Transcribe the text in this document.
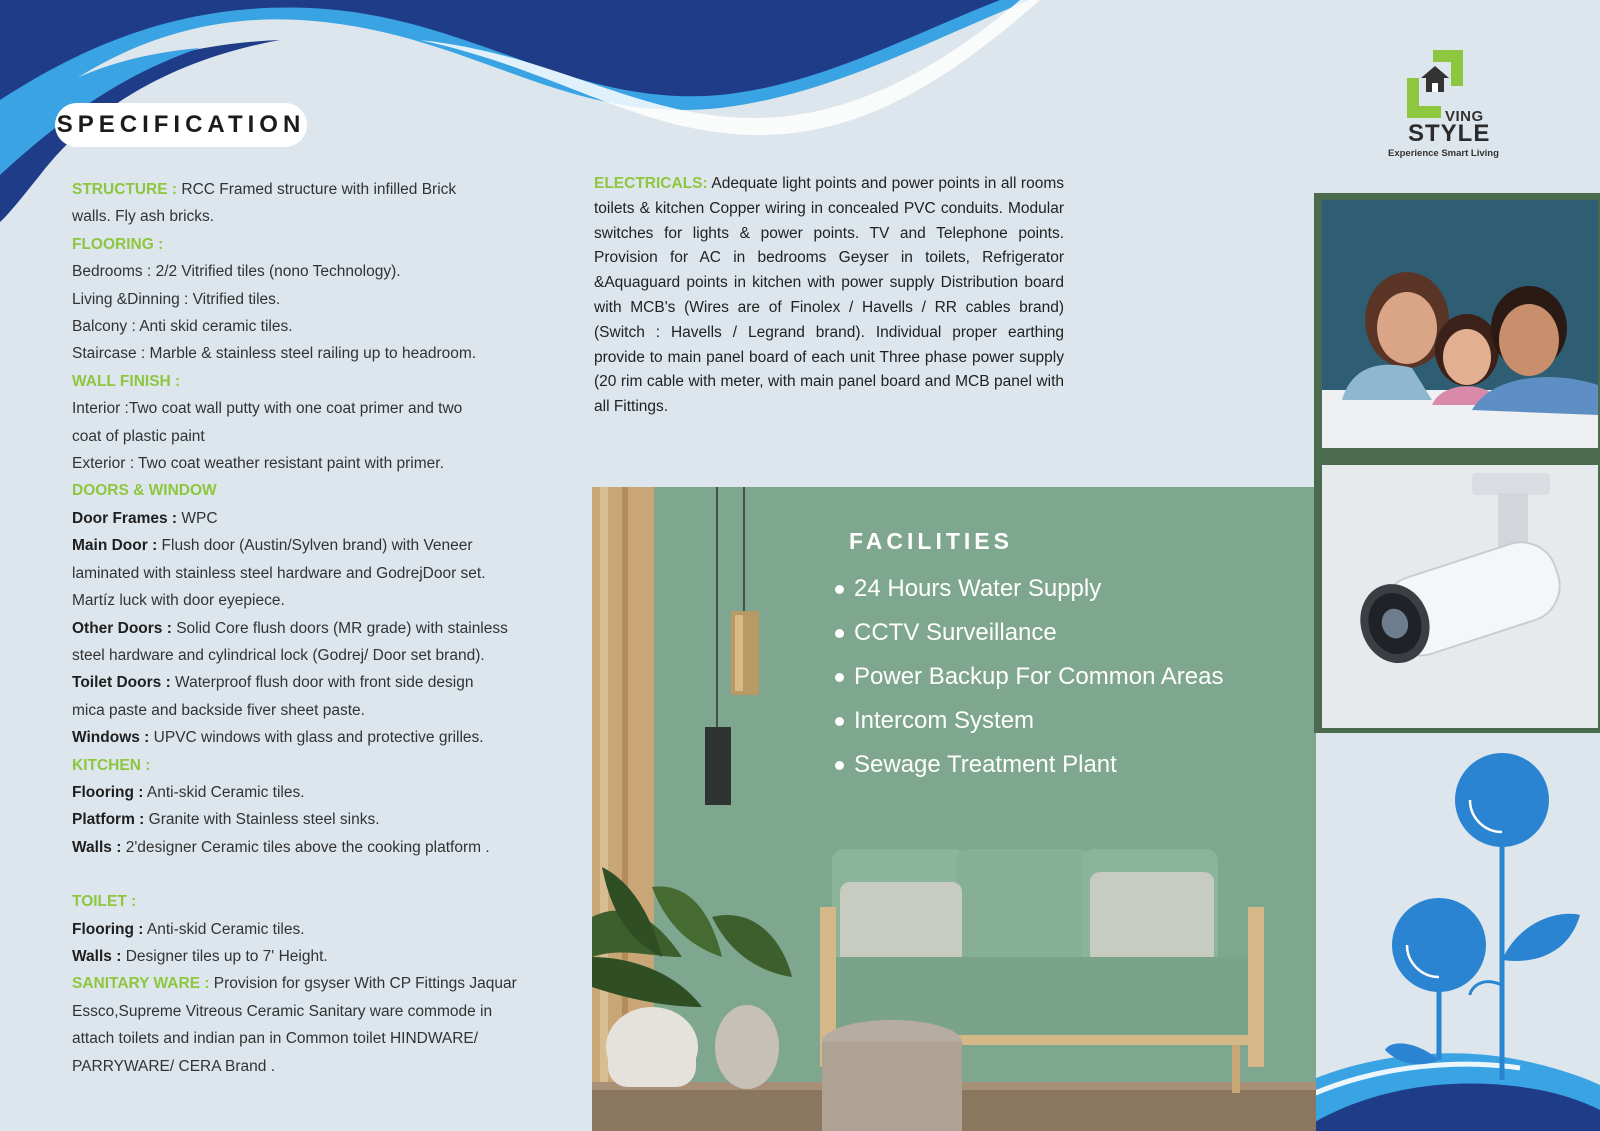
VING
STYLE
Experience Smart Living
SPECIFICATION

STRUCTURE : RCC Framed structure with infilled Brick

walls. Fly ash bricks.

FLOORING :

Bedrooms : 2/2 Vitrified tiles (nono Technology).

Living &Dinning : Vitrified tiles.

Balcony : Anti skid ceramic tiles.

Staircase : Marble & stainless steel railing up to headroom.

WALL FINISH :

Interior :Two coat wall putty with one coat primer and two

coat of plastic paint

Exterior : Two coat weather resistant paint with primer.

DOORS & WINDOW

Door Frames : WPC

Main Door : Flush door (Austin/Sylven brand) with Veneer

laminated with stainless steel hardware and GodrejDoor set.

Martíz luck with door eyepiece.

Other Doors : Solid Core flush doors (MR grade) with stainless

steel hardware and cylindrical lock (Godrej/ Door set brand).

Toilet Doors : Waterproof flush door with front side design

mica paste and backside fiver sheet paste.

Windows : UPVC windows with glass and protective grilles.

KITCHEN :

Flooring : Anti-skid Ceramic tiles.

Platform : Granite with Stainless steel sinks.

Walls : 2'designer Ceramic tiles above the cooking platform .

TOILET :

Flooring : Anti-skid Ceramic tiles.

Walls : Designer tiles up to 7' Height.

SANITARY WARE : Provision for gsyser With CP Fittings Jaquar

Essco,Supreme Vitreous Ceramic Sanitary ware commode in

attach toilets and indian pan in Common toilet HINDWARE/

PARRYWARE/ CERA Brand .

ELECTRICALS: Adequate light points and power points in all rooms toilets & kitchen Copper wiring in concealed PVC conduits. Modular switches for lights & power points. TV and Telephone points. Provision for AC in bedrooms Geyser in toilets, Refrigerator &Aquaguard points in kitchen with power supply Distribution board with MCB's (Wires are of Finolex / Havells / RR cables brand) (Switch : Havells / Legrand brand). Individual proper earthing provide to main panel board of each unit Three phase power supply (20 rim cable with meter, with main panel board and MCB panel with all Fittings.

FACILITIES

24 Hours Water Supply
CCTV Surveillance
Power Backup For Common Areas
Intercom System
Sewage Treatment Plant
